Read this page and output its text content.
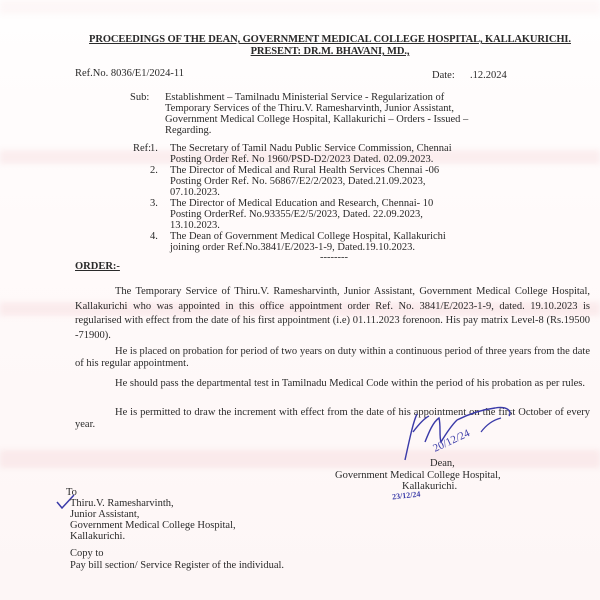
PROCEEDINGS OF THE DEAN, GOVERNMENT MEDICAL COLLEGE HOSPITAL, KALLAKURICHI.
PRESENT: DR.M. BHAVANI, MD.,
Ref.No. 8036/E1/2024-11	Date: .12.2024
Sub: Establishment – Tamilnadu Ministerial Service - Regularization of
Temporary Services of the Thiru.V. Ramesharvinth, Junior Assistant,
Government Medical College Hospital, Kallakurichi – Orders - Issued –
Regarding.
Ref:
1.	The Secretary of Tamil Nadu Public Service Commission, Chennai
Posting Order Ref. No 1960/PSD-D2/2023 Dated. 02.09.2023.
2.	The Director of Medical and Rural Health Services Chennai -06
Posting Order Ref. No. 56867/E2/2/2023, Dated.21.09.2023,
07.10.2023.
3.	The Director of Medical Education and Research, Chennai- 10
Posting OrderRef. No.93355/E2/5/2023, Dated. 22.09.2023,
13.10.2023.
4.	The Dean of Government Medical College Hospital, Kallakurichi
joining order Ref.No.3841/E/2023-1-9, Dated.19.10.2023.
--------
ORDER:-
The Temporary Service of Thiru.V. Ramesharvinth, Junior Assistant, Government Medical College Hospital, Kallakurichi who was appointed in this office appointment order Ref. No. 3841/E/2023-1-9, dated. 19.10.2023 is regularised with effect from the date of his first appointment (i.e) 01.11.2023 forenoon. His pay matrix Level-8 (Rs.19500 -71900).
He is placed on probation for period of two years on duty within a continuous period of three years from the date of his regular appointment.
He should pass the departmental test in Tamilnadu Medical Code within the period of his probation as per rules.
He is permitted to draw the increment with effect from the date of his appointment on the first October of every year.
20/12/24
Dean,
Government Medical College Hospital,
Kallakurichi.
23/12/24
To
Thiru.V. Ramesharvinth,
Junior Assistant,
Government Medical College Hospital,
Kallakurichi.
Copy to
Pay bill section/ Service Register of the individual.
